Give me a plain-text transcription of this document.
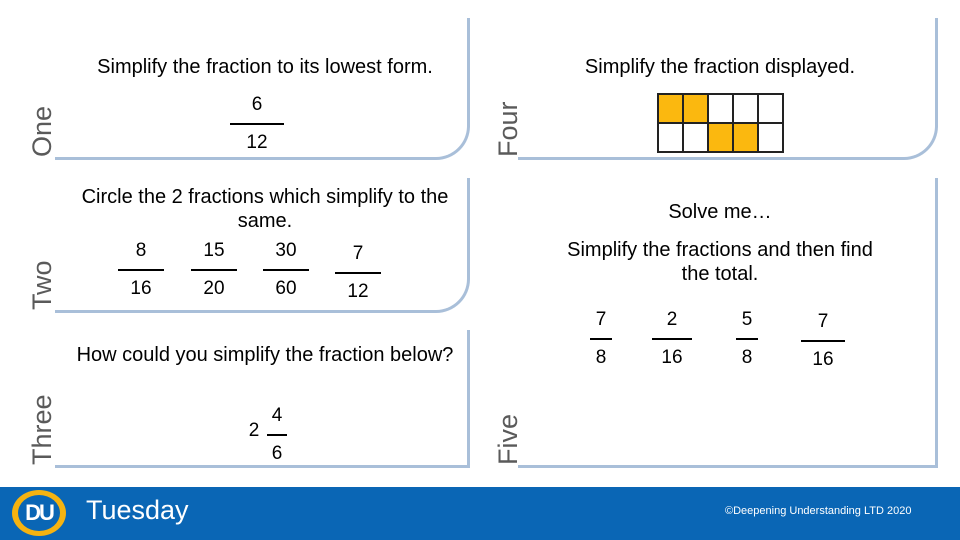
One
Two
Three
Four
Five
Simplify the fraction to its lowest form.
6
12
Simplify the fraction displayed.
Circle the 2 fractions which simplify to the same.
8
16
15
20
30
60
7
12
Solve me…
Simplify the fractions and then find the total.
7
8
2
16
5
8
7
16
How could you simplify the fraction below?
2
4
6
DU Tuesday	©Deepening Understanding LTD 2020
